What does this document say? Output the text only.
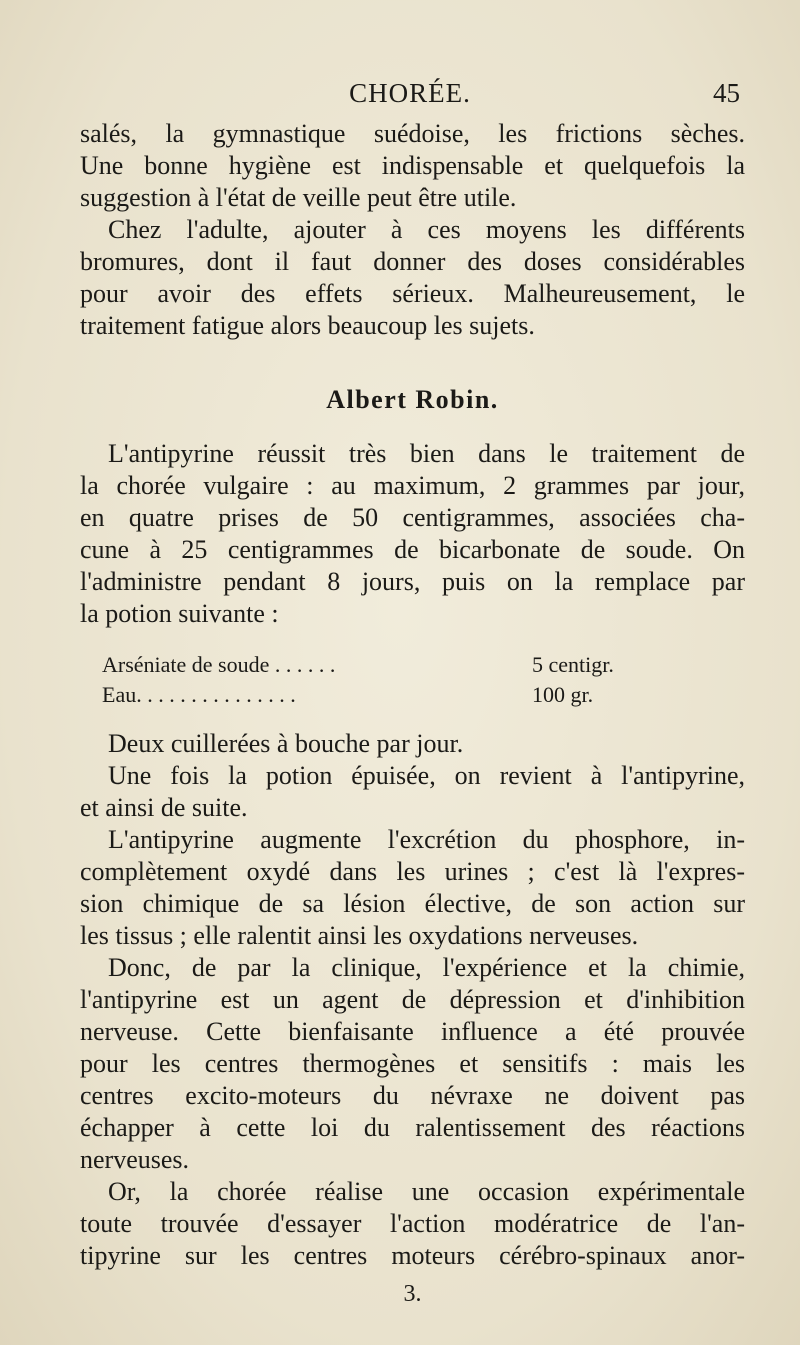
CHORÉE.	45

salés, la gymnastique suédoise, les frictions sèches.

Une bonne hygiène est indispensable et quelquefois la

suggestion à l'état de veille peut être utile.

Chez l'adulte, ajouter à ces moyens les différents

bromures, dont il faut donner des doses considérables

pour avoir des effets sérieux. Malheureusement, le

traitement fatigue alors beaucoup les sujets.

Albert Robin.

L'antipyrine réussit très bien dans le traitement de

la chorée vulgaire : au maximum, 2 grammes par jour,

en quatre prises de 50 centigrammes, associées cha-

cune à 25 centigrammes de bicarbonate de soude. On

l'administre pendant 8 jours, puis on la remplace par

la potion suivante :

Arséniate de soude . . . . . .	5 centigr.
Eau. . . . . . . . . . . . . . .	100 gr.

Deux cuillerées à bouche par jour.

Une fois la potion épuisée, on revient à l'antipyrine,

et ainsi de suite.

L'antipyrine augmente l'excrétion du phosphore, in-

complètement oxydé dans les urines ; c'est là l'expres-

sion chimique de sa lésion élective, de son action sur

les tissus ; elle ralentit ainsi les oxydations nerveuses.

Donc, de par la clinique, l'expérience et la chimie,

l'antipyrine est un agent de dépression et d'inhibition

nerveuse. Cette bienfaisante influence a été prouvée

pour les centres thermogènes et sensitifs : mais les

centres excito-moteurs du névraxe ne doivent pas

échapper à cette loi du ralentissement des réactions

nerveuses.

Or, la chorée réalise une occasion expérimentale

toute trouvée d'essayer l'action modératrice de l'an-

tipyrine sur les centres moteurs cérébro-spinaux anor-

3.
